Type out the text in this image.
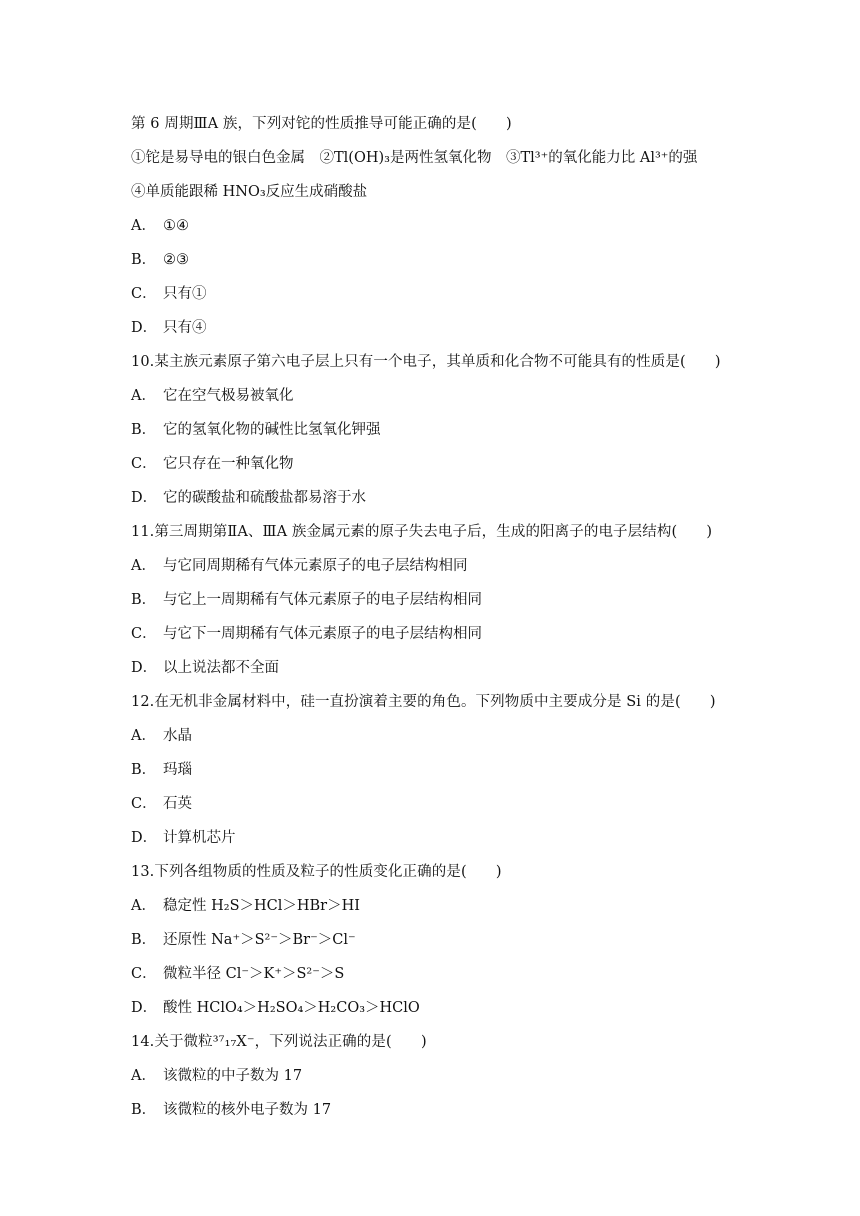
第 6 周期ⅢA 族，下列对铊的性质推导可能正确的是(　　)
①铊是易导电的银白色金属　②Tl(OH)₃是两性氢氧化物　③Tl³⁺的氧化能力比 Al³⁺的强
④单质能跟稀 HNO₃反应生成硝酸盐
A． ①④
B． ②③
C． 只有①
D． 只有④
10.某主族元素原子第六电子层上只有一个电子，其单质和化合物不可能具有的性质是(　　)
A． 它在空气极易被氧化
B． 它的氢氧化物的碱性比氢氧化钾强
C． 它只存在一种氧化物
D． 它的碳酸盐和硫酸盐都易溶于水
11.第三周期第ⅡA、ⅢA 族金属元素的原子失去电子后，生成的阳离子的电子层结构(　　)
A． 与它同周期稀有气体元素原子的电子层结构相同
B． 与它上一周期稀有气体元素原子的电子层结构相同
C． 与它下一周期稀有气体元素原子的电子层结构相同
D． 以上说法都不全面
12.在无机非金属材料中，硅一直扮演着主要的角色。下列物质中主要成分是 Si 的是(　　)
A． 水晶
B． 玛瑙
C． 石英
D． 计算机芯片
13.下列各组物质的性质及粒子的性质变化正确的是(　　)
A． 稳定性 H₂S＞HCl＞HBr＞HI
B． 还原性 Na⁺＞S²⁻＞Br⁻＞Cl⁻
C． 微粒半径 Cl⁻＞K⁺＞S²⁻＞S
D． 酸性 HClO₄＞H₂SO₄＞H₂CO₃＞HClO
14.关于微粒³⁷₁₇X⁻，下列说法正确的是(　　)
A． 该微粒的中子数为 17
B． 该微粒的核外电子数为 17
